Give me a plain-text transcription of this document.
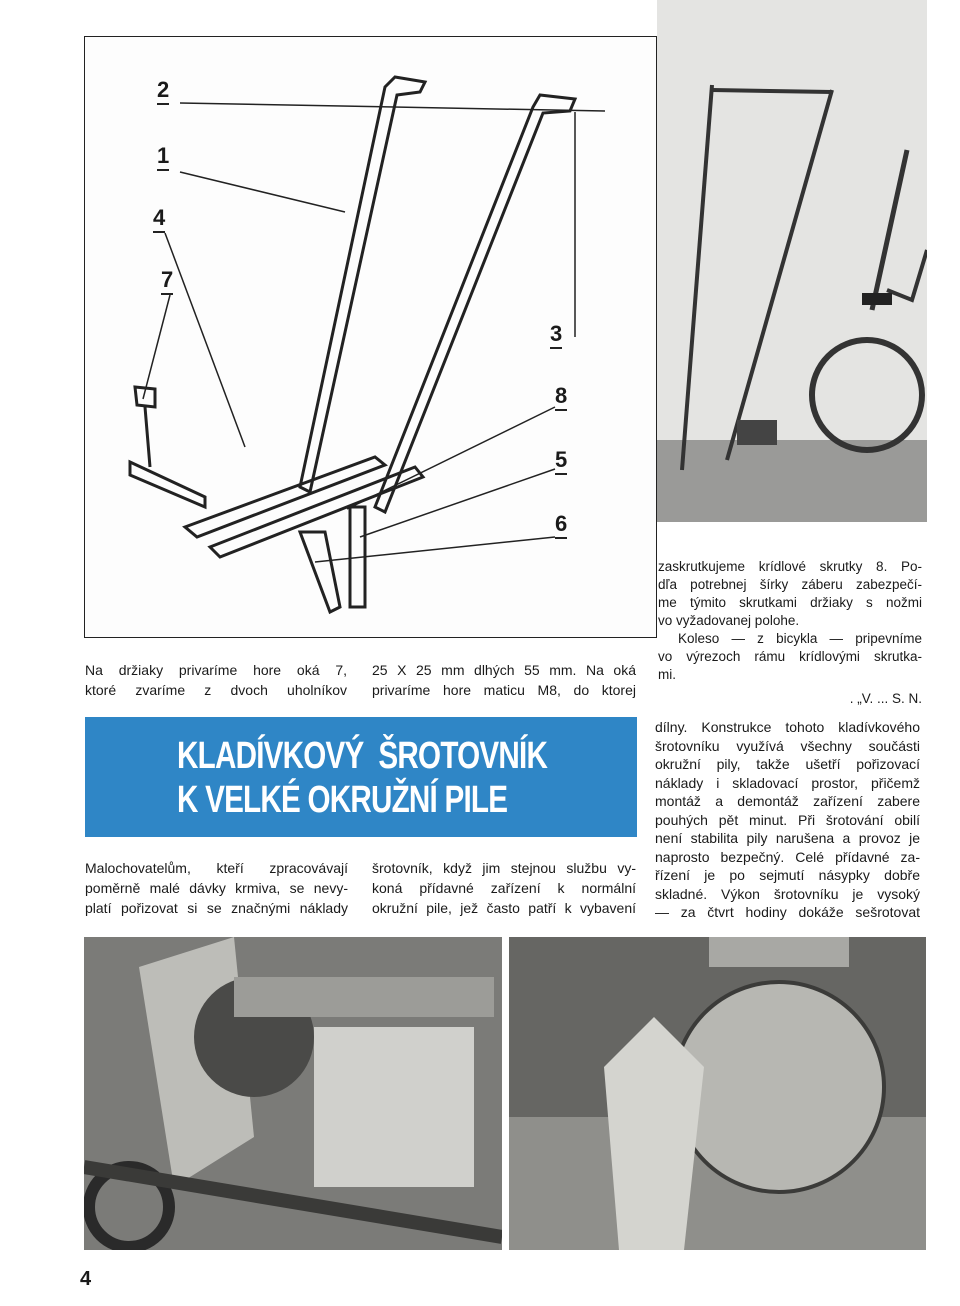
2
1
4
7
3
8
5
6
zaskrutkujeme krídlové skrutky 8. Po-
dľa potrebnej šírky záberu zabezpečí-
me týmito skrutkami držiaky s nožmi
vo vyžadovanej polohe.
Koleso — z bicykla — pripevníme
vo výrezoch rámu krídlovými skrutka-
mi.
. „V. ... S. N.
Na držiaky privaríme hore oká 7,
ktoré zvaríme z dvoch uholníkov
25 X 25 mm dlhých 55 mm. Na oká
privaríme hore maticu M8, do ktorej
KLADÍVKOVÝ  ŠROTOVNÍK
K VELKÉ OKRUŽNÍ PILE
Malochovatelům, kteří zpracovávají
poměrně malé dávky krmiva, se nevy-
platí pořizovat si se značnými náklady
šrotovník, když jim stejnou službu vy-
koná přídavné zařízení k normální
okružní pile, jež často patří k vybavení
dílny. Konstrukce tohoto kladívkového
šrotovníku využívá všechny součásti
okružní pily, takže ušetří pořizovací
náklady i skladovací prostor, přičemž
montáž a demontáž zařízení zabere
pouhých pět minut. Při šrotování obilí
není stabilita pily narušena a provoz je
naprosto bezpečný. Celé přídavné za-
řízení je po sejmutí násypky dobře
skladné. Výkon šrotovníku je vysoký
— za čtvrt hodiny dokáže sešrotovat
4
